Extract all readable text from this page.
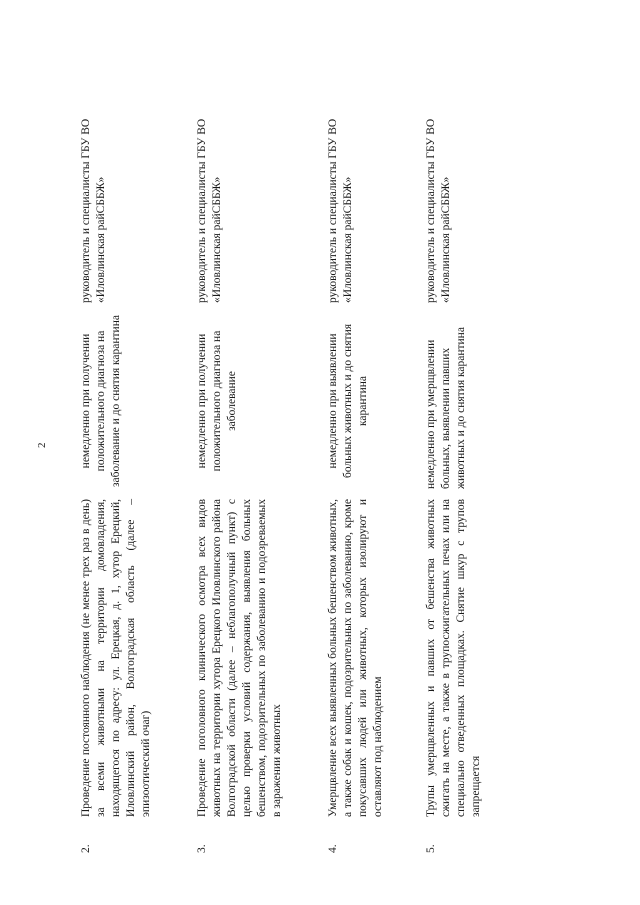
2
2.	Проведение постоянного наблюдения (не менее трех раз в день) за всеми животными на территории домовладения, находящегося по адресу: ул. Ерецкая, д. 1, хутор Ерецкий, Иловлинский район, Волгоградская область (далее – эпизоотический очаг)	немедленно при получении положительного диагноза на заболевание и до снятия карантина	руководитель и специалисты ГБУ ВО «Иловлинская райСББЖ»
3.	Проведение поголовного клинического осмотра всех видов животных на территории хутора Ерецкого Иловлинского района Волгоградской области (далее – неблагополучный пункт) с целью проверки условий содержания, выявления больных бешенством, подозрительных по заболеванию и подозреваемых в заражении животных	немедленно при получении положительного диагноза на заболевание	руководитель и специалисты ГБУ ВО «Иловлинская райСББЖ»
4.	Умерщвление всех выявленных больных бешенством животных, а также собак и кошек, подозрительных по заболеванию, кроме покусавших людей или животных, которых изолируют и оставляют под наблюдением	немедленно при выявлении больных животных и до снятия карантина	руководитель и специалисты ГБУ ВО «Иловлинская райСББЖ»
5.	Трупы умерщвленных и павших от бешенства животных сжигать на месте, а также в трупосжигательных печах или на специально отведенных площадках. Снятие шкур с трупов запрещается	немедленно при умерщвлении больных, выявлении павших животных и до снятия карантина	руководитель и специалисты ГБУ ВО «Иловлинская райСББЖ»
